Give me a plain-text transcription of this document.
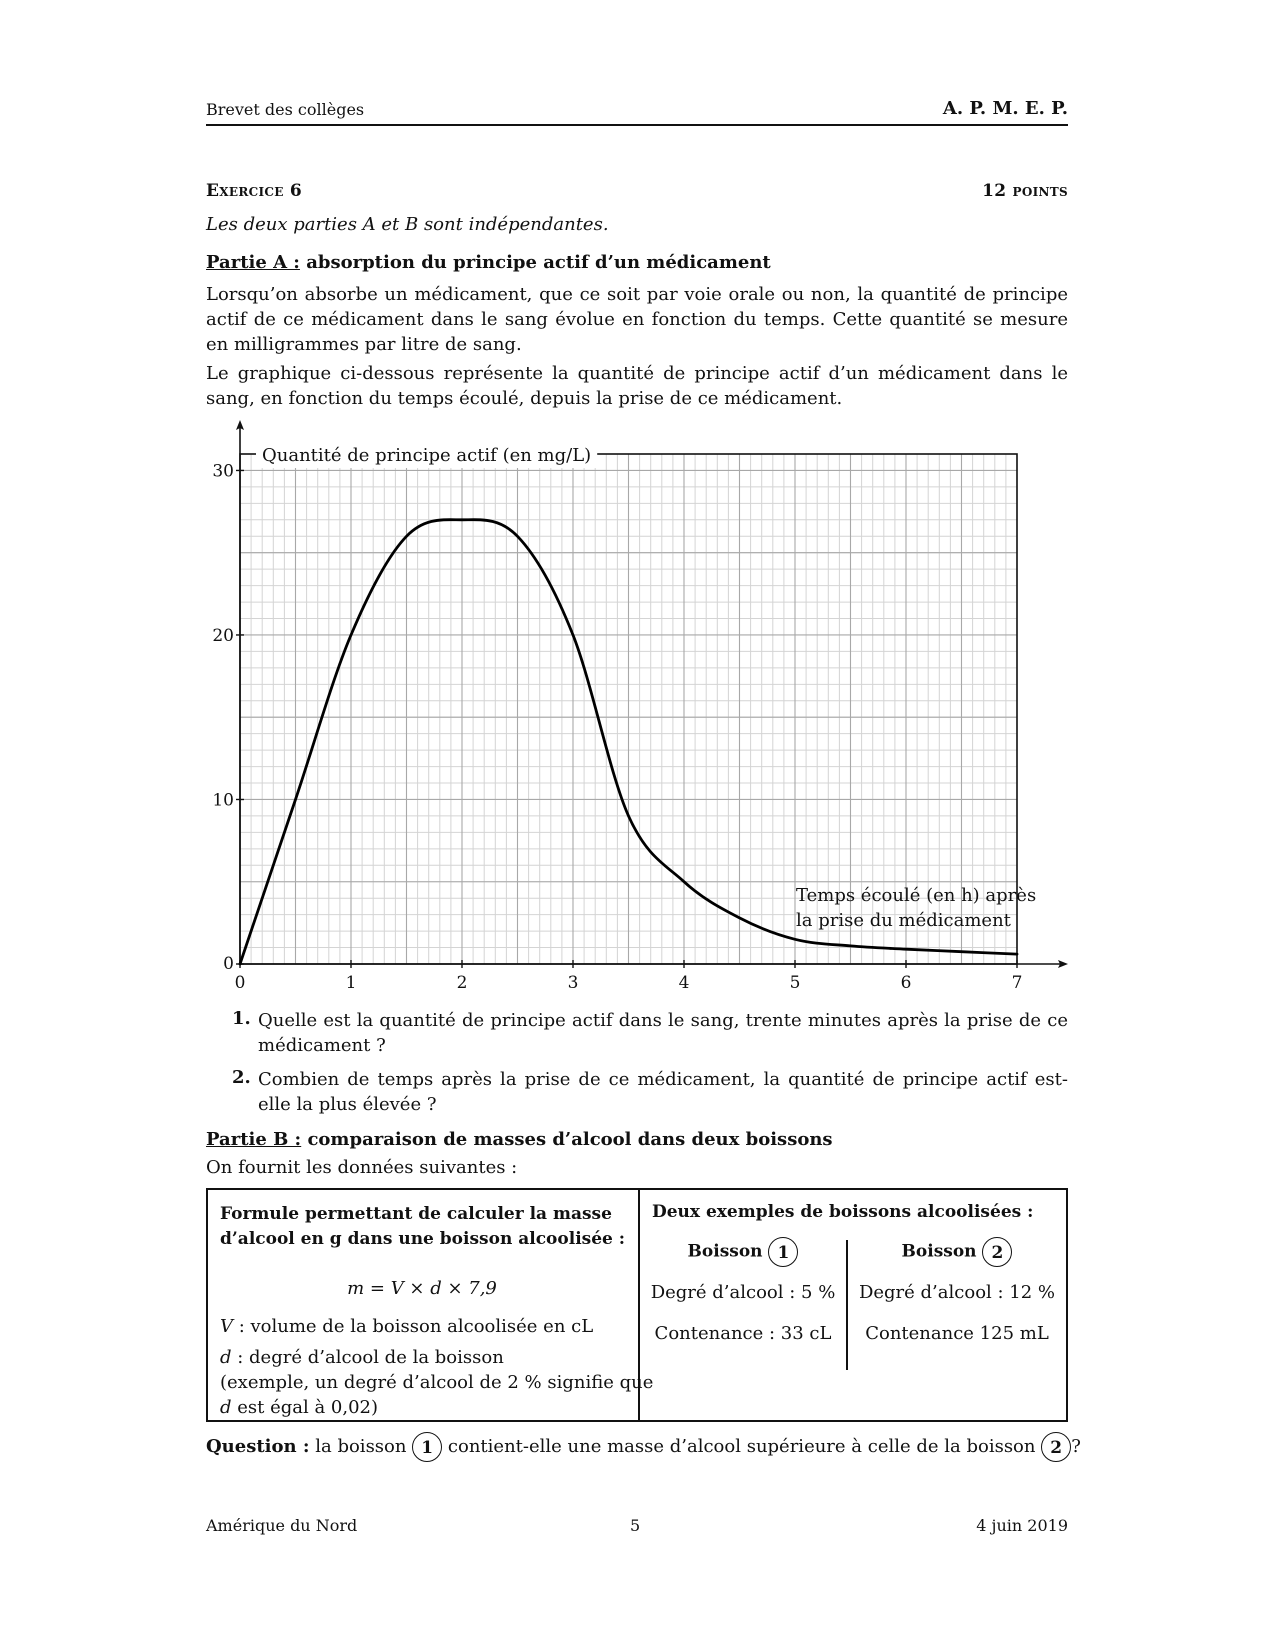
Brevet des collèges	A. P. M. E. P.
Exercice 6	12 points
Les deux parties A et B sont indépendantes.
Partie A : absorption du principe actif d’un médicament
Lorsqu’on absorbe un médicament, que ce soit par voie orale ou non, la quantité de principe actif de ce médicament dans le sang évolue en fonction du temps. Cette quantité se mesure en milligrammes par litre de sang.
Le graphique ci-dessous représente la quantité de principe actif d’un médicament dans le sang, en fonction du temps écoulé, depuis la prise de ce médicament.
0	1	2	3	4	5	6	7
0
10
20
30
Quantité de principe actif (en mg/L)
Temps écoulé (en h) après
la prise du médicament
1. Quelle est la quantité de principe actif dans le sang, trente minutes après la prise de ce médicament ?
2. Combien de temps après la prise de ce médicament, la quantité de principe actif est-elle la plus élevée ?
Partie B : comparaison de masses d’alcool dans deux boissons
On fournit les données suivantes :
Formule permettant de calculer la masse d’alcool en g dans une boisson alcoolisée :
m = V × d × 7,9
V : volume de la boisson alcoolisée en cL
d : degré d’alcool de la boisson
(exemple, un degré d’alcool de 2 % signifie que
d est égal à 0,02)
Deux exemples de boissons alcoolisées :
Boisson 1
Degré d’alcool : 5 %
Contenance : 33 cL
Boisson 2
Degré d’alcool : 12 %
Contenance 125 mL
Question : la boisson 1 contient-elle une masse d’alcool supérieure à celle de la boisson 2 ?
Amérique du Nord	5	4 juin 2019
